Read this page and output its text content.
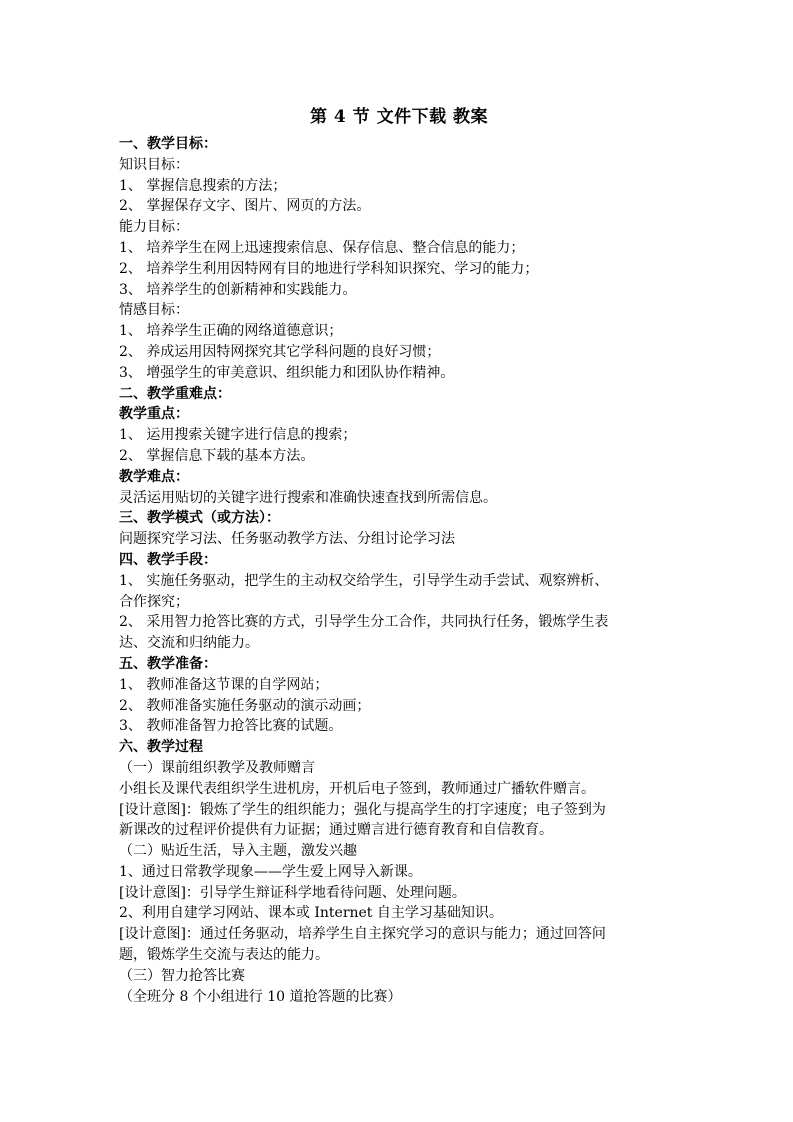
第 4 节 文件下载 教案
一、教学目标：
知识目标：
1、 掌握信息搜索的方法；
2、 掌握保存文字、图片、网页的方法。
能力目标：
1、 培养学生在网上迅速搜索信息、保存信息、整合信息的能力；
2、 培养学生利用因特网有目的地进行学科知识探究、学习的能力；
3、 培养学生的创新精神和实践能力。
情感目标：
1、 培养学生正确的网络道德意识；
2、 养成运用因特网探究其它学科问题的良好习惯；
3、 增强学生的审美意识、组织能力和团队协作精神。
二、教学重难点：
教学重点：
1、 运用搜索关键字进行信息的搜索；
2、 掌握信息下载的基本方法。
教学难点：
灵活运用贴切的关键字进行搜索和准确快速查找到所需信息。
三、教学模式（或方法）：
问题探究学习法、任务驱动教学方法、分组讨论学习法
四、教学手段：
1、 实施任务驱动，把学生的主动权交给学生，引导学生动手尝试、观察辨析、
合作探究；
2、 采用智力抢答比赛的方式，引导学生分工合作，共同执行任务，锻炼学生表
达、交流和归纳能力。
五、教学准备：
1、 教师准备这节课的自学网站；
2、 教师准备实施任务驱动的演示动画；
3、 教师准备智力抢答比赛的试题。
六、教学过程
（一）课前组织教学及教师赠言
小组长及课代表组织学生进机房，开机后电子签到，教师通过广播软件赠言。
[设计意图]：锻炼了学生的组织能力；强化与提高学生的打字速度；电子签到为
新课改的过程评价提供有力证据；通过赠言进行德育教育和自信教育。
（二）贴近生活，导入主题，激发兴趣
1、通过日常教学现象——学生爱上网导入新课。
[设计意图]：引导学生辩证科学地看待问题、处理问题。
2、利用自建学习网站、课本或 Internet 自主学习基础知识。
[设计意图]：通过任务驱动，培养学生自主探究学习的意识与能力；通过回答问
题，锻炼学生交流与表达的能力。
（三）智力抢答比赛
（全班分 8 个小组进行 10 道抢答题的比赛）
